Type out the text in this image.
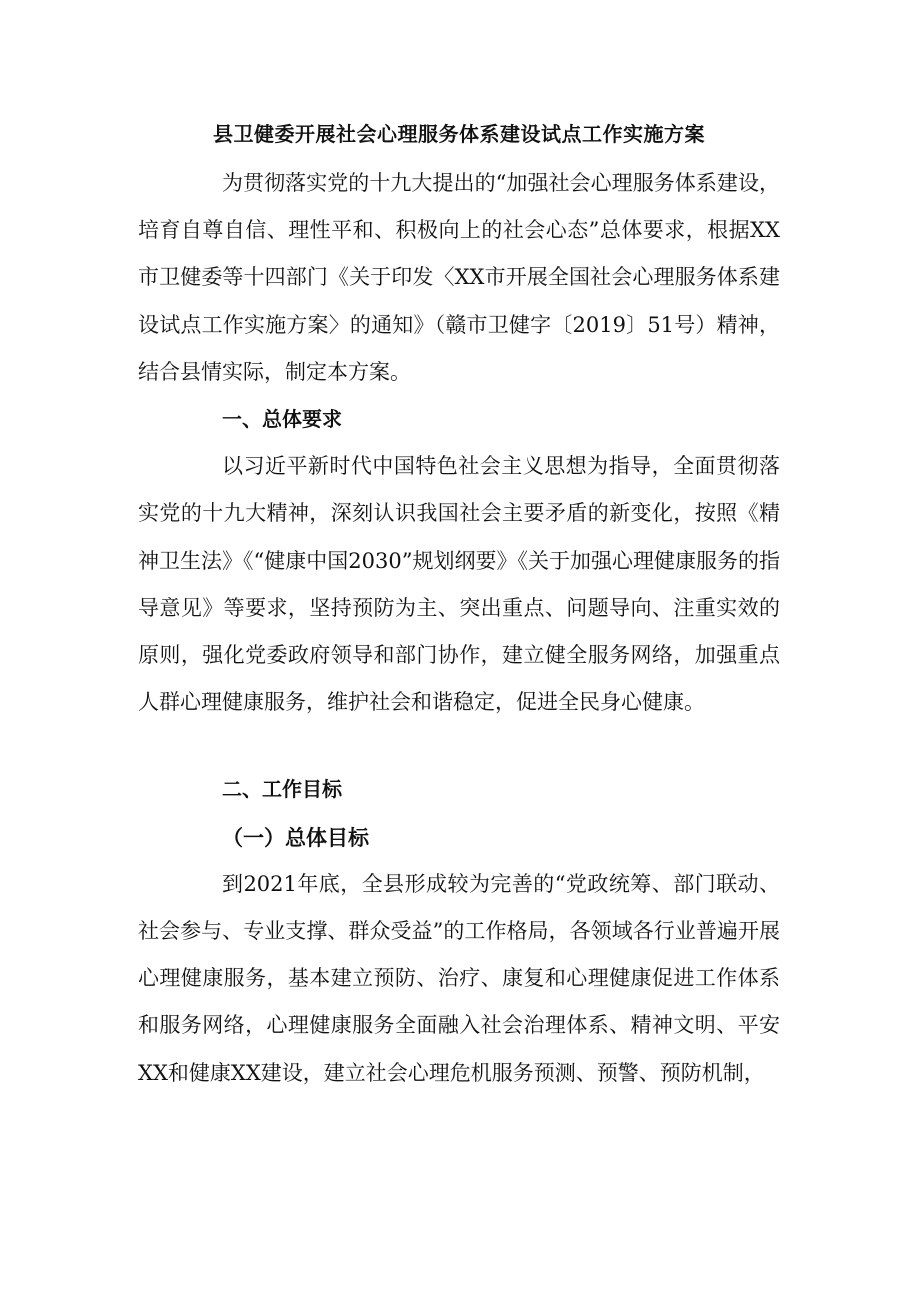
县卫健委开展社会心理服务体系建设试点工作实施方案

为贯彻落实党的十九大提出的“加强社会心理服务体系建设，培育自尊自信、理性平和、积极向上的社会心态”总体要求，根据XX市卫健委等十四部门《关于印发〈XX市开展全国社会心理服务体系建设试点工作实施方案〉的通知》（赣市卫健字〔2019〕51号）精神，结合县情实际，制定本方案。

一、总体要求

以习近平新时代中国特色社会主义思想为指导，全面贯彻落实党的十九大精神，深刻认识我国社会主要矛盾的新变化，按照《精神卫生法》《“健康中国2030”规划纲要》《关于加强心理健康服务的指导意见》等要求，坚持预防为主、突出重点、问题导向、注重实效的原则，强化党委政府领导和部门协作，建立健全服务网络，加强重点人群心理健康服务，维护社会和谐稳定，促进全民身心健康。

二、工作目标
（一）总体目标

到2021年底，全县形成较为完善的“党政统筹、部门联动、社会参与、专业支撑、群众受益”的工作格局，各领域各行业普遍开展心理健康服务，基本建立预防、治疗、康复和心理健康促进工作体系和服务网络，心理健康服务全面融入社会治理体系、精神文明、平安XX和健康XX建设，建立社会心理危机服务预测、预警、预防机制，
